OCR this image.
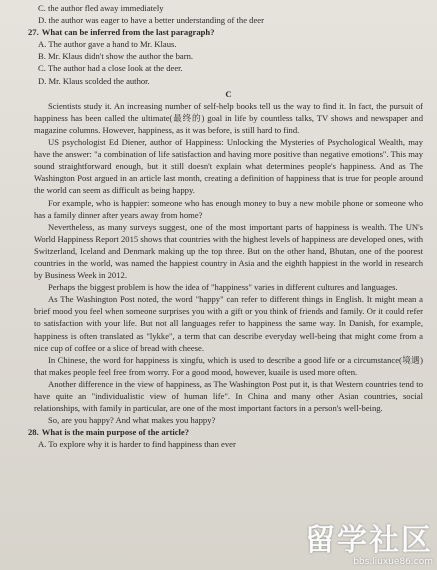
C. the author fled away immediately
D. the author was eager to have a better understanding of the deer
27. What can be inferred from the last paragraph?
A. The author gave a hand to Mr. Klaus.
B. Mr. Klaus didn't show the author the barn.
C. The author had a close look at the deer.
D. Mr. Klaus scolded the author.
C

Scientists study it. An increasing number of self-help books tell us the way to find it. In fact, the pursuit of happiness has been called the ultimate(最终的) goal in life by countless talks, TV shows and newspaper and magazine columns. However, happiness, as it was before, is still hard to find.

US psychologist Ed Diener, author of Happiness: Unlocking the Mysteries of Psychological Wealth, may have the answer: "a combination of life satisfaction and having more positive than negative emotions". This may sound straightforward enough, but it still doesn't explain what determines people's happiness. And as The Washington Post argued in an article last month, creating a definition of happiness that is true for people around the world can seem as difficult as being happy.

For example, who is happier: someone who has enough money to buy a new mobile phone or someone who has a family dinner after years away from home?

Nevertheless, as many surveys suggest, one of the most important parts of happiness is wealth. The UN's World Happiness Report 2015 shows that countries with the highest levels of happiness are developed ones, with Switzerland, Iceland and Denmark making up the top three. But on the other hand, Bhutan, one of the poorest countries in the world, was named the happiest country in Asia and the eighth happiest in the world in research by Business Week in 2012.

Perhaps the biggest problem is how the idea of "happiness" varies in different cultures and languages.

As The Washington Post noted, the word "happy" can refer to different things in English. It might mean a brief mood you feel when someone surprises you with a gift or you think of friends and family. Or it could refer to satisfaction with your life. But not all languages refer to happiness the same way. In Danish, for example, happiness is often translated as "lykke", a term that can describe everyday well-being that might come from a nice cup of coffee or a slice of bread with cheese.

In Chinese, the word for happiness is xingfu, which is used to describe a good life or a circumstance(境遇) that makes people feel free from worry. For a good mood, however, kuaile is used more often.

Another difference in the view of happiness, as The Washington Post put it, is that Western countries tend to have quite an "individualistic view of human life". In China and many other Asian countries, social relationships, with family in particular, are one of the most important factors in a person's well-being.

So, are you happy? And what makes you happy?

28. What is the main purpose of the article?
A. To explore why it is harder to find happiness than ever
留学社区
bbs.liuxue86.com
